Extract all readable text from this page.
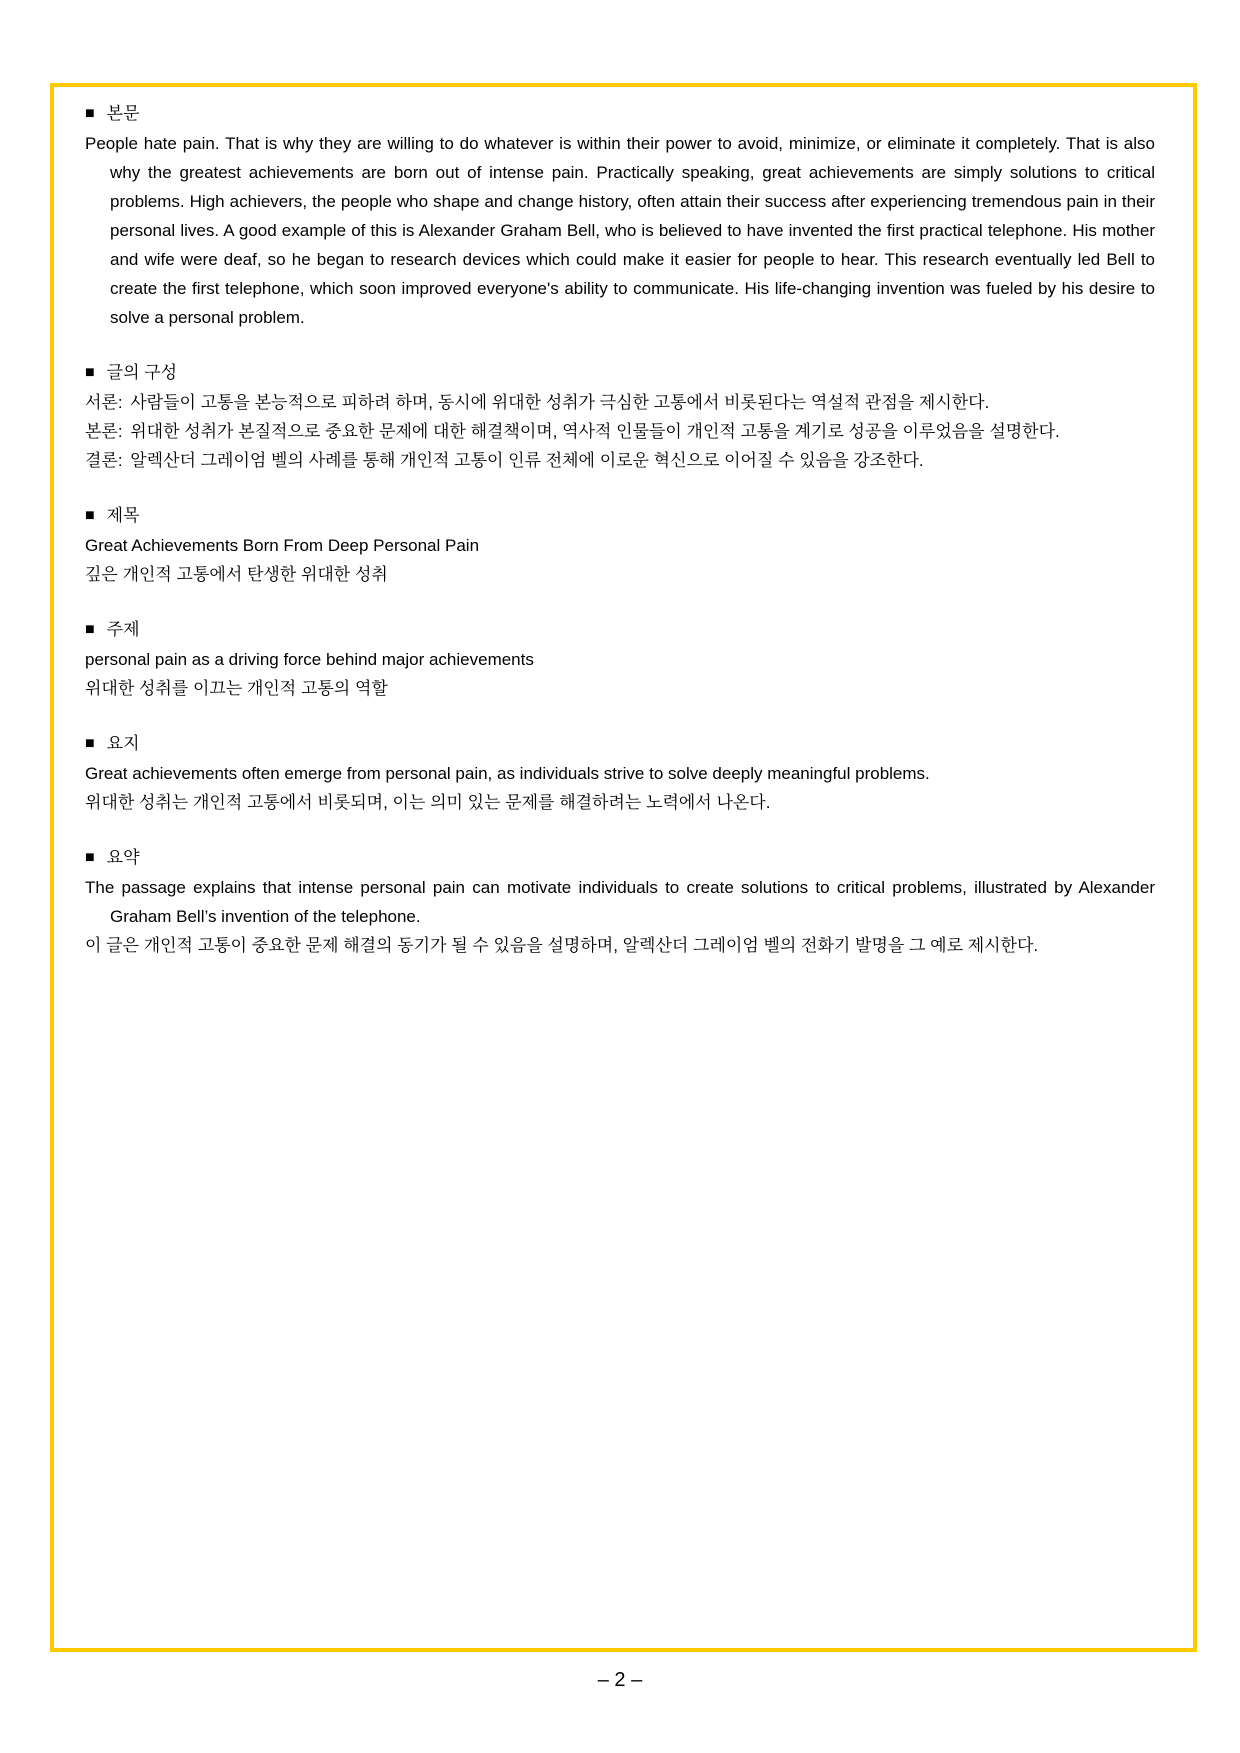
■ 본문

People hate pain. That is why they are willing to do whatever is within their power to avoid, minimize, or eliminate it completely. That is also why the greatest achievements are born out of intense pain. Practically speaking, great achievements are simply solutions to critical problems. High achievers, the people who shape and change history, often attain their success after experiencing tremendous pain in their personal lives. A good example of this is Alexander Graham Bell, who is believed to have invented the first practical telephone. His mother and wife were deaf, so he began to research devices which could make it easier for people to hear. This research eventually led Bell to create the first telephone, which soon improved everyone's ability to communicate. His life-changing invention was fueled by his desire to solve a personal problem.

■ 글의 구성

서론: 사람들이 고통을 본능적으로 피하려 하며, 동시에 위대한 성취가 극심한 고통에서 비롯된다는 역설적 관점을 제시한다.

본론: 위대한 성취가 본질적으로 중요한 문제에 대한 해결책이며, 역사적 인물들이 개인적 고통을 계기로 성공을 이루었음을 설명한다.

결론: 알렉산더 그레이엄 벨의 사례를 통해 개인적 고통이 인류 전체에 이로운 혁신으로 이어질 수 있음을 강조한다.

■ 제목

Great Achievements Born From Deep Personal Pain

깊은 개인적 고통에서 탄생한 위대한 성취

■ 주제

personal pain as a driving force behind major achievements

위대한 성취를 이끄는 개인적 고통의 역할

■ 요지

Great achievements often emerge from personal pain, as individuals strive to solve deeply meaningful problems.

위대한 성취는 개인적 고통에서 비롯되며, 이는 의미 있는 문제를 해결하려는 노력에서 나온다.

■ 요약

The passage explains that intense personal pain can motivate individuals to create solutions to critical problems, illustrated by Alexander Graham Bell’s invention of the telephone.

이 글은 개인적 고통이 중요한 문제 해결의 동기가 될 수 있음을 설명하며, 알렉산더 그레이엄 벨의 전화기 발명을 그 예로 제시한다.

– 2 –
